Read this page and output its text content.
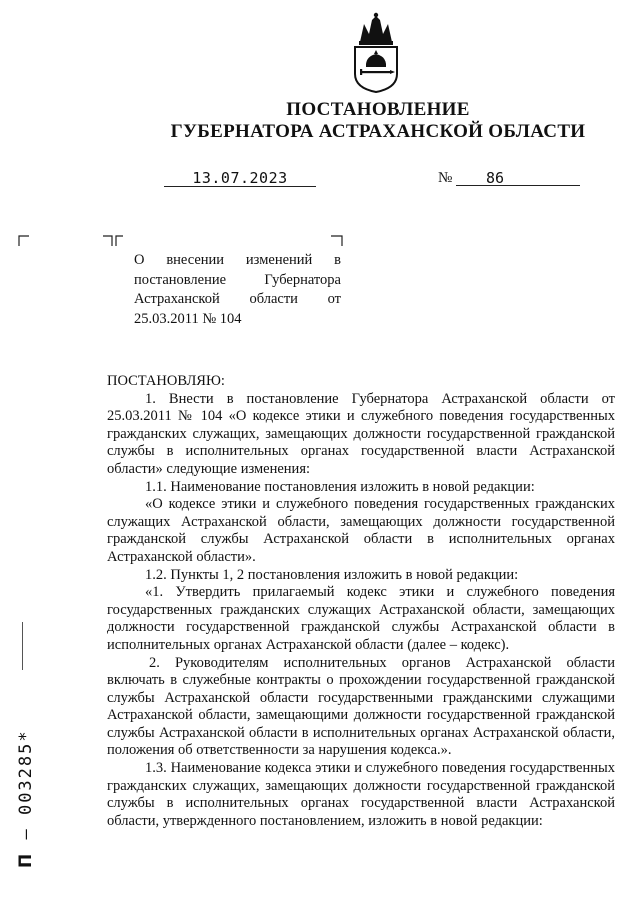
ПОСТАНОВЛЕНИЕ
ГУБЕРНАТОРА АСТРАХАНСКОЙ ОБЛАСТИ
13.07.2023	№	86
О внесении изменений в постановление Губернатора Астраханской области от 25.03.2011 № 104

ПОСТАНОВЛЯЮ:

1. Внести в постановление Губернатора Астраханской области от 25.03.2011 № 104 «О кодексе этики и служебного поведения государственных гражданских служащих, замещающих должности государственной гражданской службы в исполнительных органах государственной власти Астраханской области» следующие изменения:

1.1. Наименование постановления изложить в новой редакции:

«О кодексе этики и служебного поведения государственных гражданских служащих Астраханской области, замещающих должности государственной гражданской службы Астраханской области в исполнительных органах Астраханской области».

1.2. Пункты 1, 2 постановления изложить в новой редакции:

«1. Утвердить прилагаемый кодекс этики и служебного поведения государственных гражданских служащих Астраханской области, замещающих должности государственной гражданской службы Астраханской области в исполнительных органах Астраханской области (далее – кодекс).

2. Руководителям исполнительных органов Астраханской области включать в служебные контракты о прохождении государственной гражданской службы Астраханской области государственными гражданскими служащими Астраханской области, замещающими должности государственной гражданской службы Астраханской области в исполнительных органах Астраханской области, положения об ответственности за нарушения кодекса.».

1.3. Наименование кодекса этики и служебного поведения государственных гражданских служащих, замещающих должности государственной гражданской службы в исполнительных органах государственной власти Астраханской области, утвержденного постановлением, изложить в новой редакции:

П – 003285*
